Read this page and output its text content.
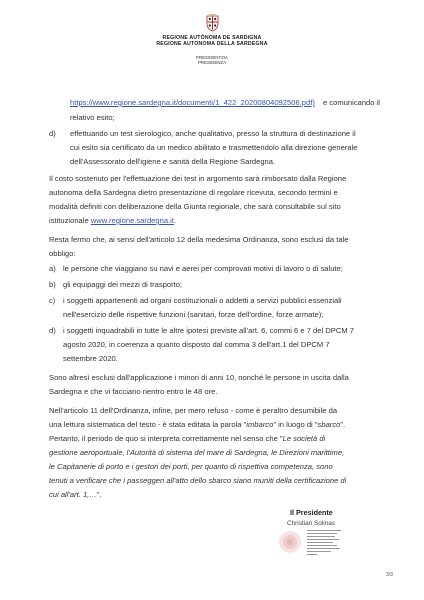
REGIONE AUTÒNOMA DE SARDIGNA
REGIONE AUTONOMA DELLA SARDEGNA
PRESIDENTZIA
PRESIDENZA
https://www.regione.sardegna.it/documenti/1_422_20200804092506.pdf) e comunicando il
relativo esito;
d) effettuando un test sierologico, anche qualitativo, presso la struttura di destinazione il
cui esito sia certificato da un medico abilitato e trasmettendolo alla direzione generale
dell'Assessorato dell'igiene e sanità della Regione Sardegna.
Il costo sostenuto per l'effettuazione dei test in argomento sarà rimborsato dalla Regione
autonoma della Sardegna dietro presentazione di regolare ricevuta, secondo termini e
modalità definiti con deliberazione della Giunta regionale, che sarà consultabile sul sito
istituzionale www.regione.sardegna.it.
Resta fermo che, ai sensi dell'articolo 12 della medesima Ordinanza, sono esclusi da tale
obbligo:
a) le persone che viaggiano su navi e aerei per comprovati motivi di lavoro o di salute;
b) gli equipaggi dei mezzi di trasporto;
c) i soggetti appartenenti ad organi costituzionali o addetti a servizi pubblici essenziali
nell'esercizio delle rispettive funzioni (sanitari, forze dell'ordine, forze armate);
d) i soggetti inquadrabili in tutte le altre ipotesi previste all'art. 6, commi 6 e 7 del DPCM 7
agosto 2020, in coerenza a quanto disposto dal comma 3 dell'art.1 del DPCM 7
settembre 2020.
Sono altresì esclusi dall'applicazione i minori di anni 10, nonché le persone in uscita dalla
Sardegna e che vi facciano rientro entro le 48 ore.
Nell'articolo 11 dell'Ordinanza, infine, per mero refuso - come è peraltro desumibile da
una lettura sistematica del testo - è stata editata la parola "imbarco" in luogo di "sbarco".
Pertanto, il periodo de quo si interpreta correttamente nel senso che "Le società di
gestione aeroportuale, l'Autorità di sistema del mare di Sardegna, le Direzioni marittime,
le Capitanerie di porto e i gestori dei porti, per quanto di rispettiva competenza, sono
tenuti a verificare che i passeggeri all'atto dello sbarco siano muniti della certificazione di
cui all'art. 1,…".
Il Presidente
Christian Solinas
3/3
